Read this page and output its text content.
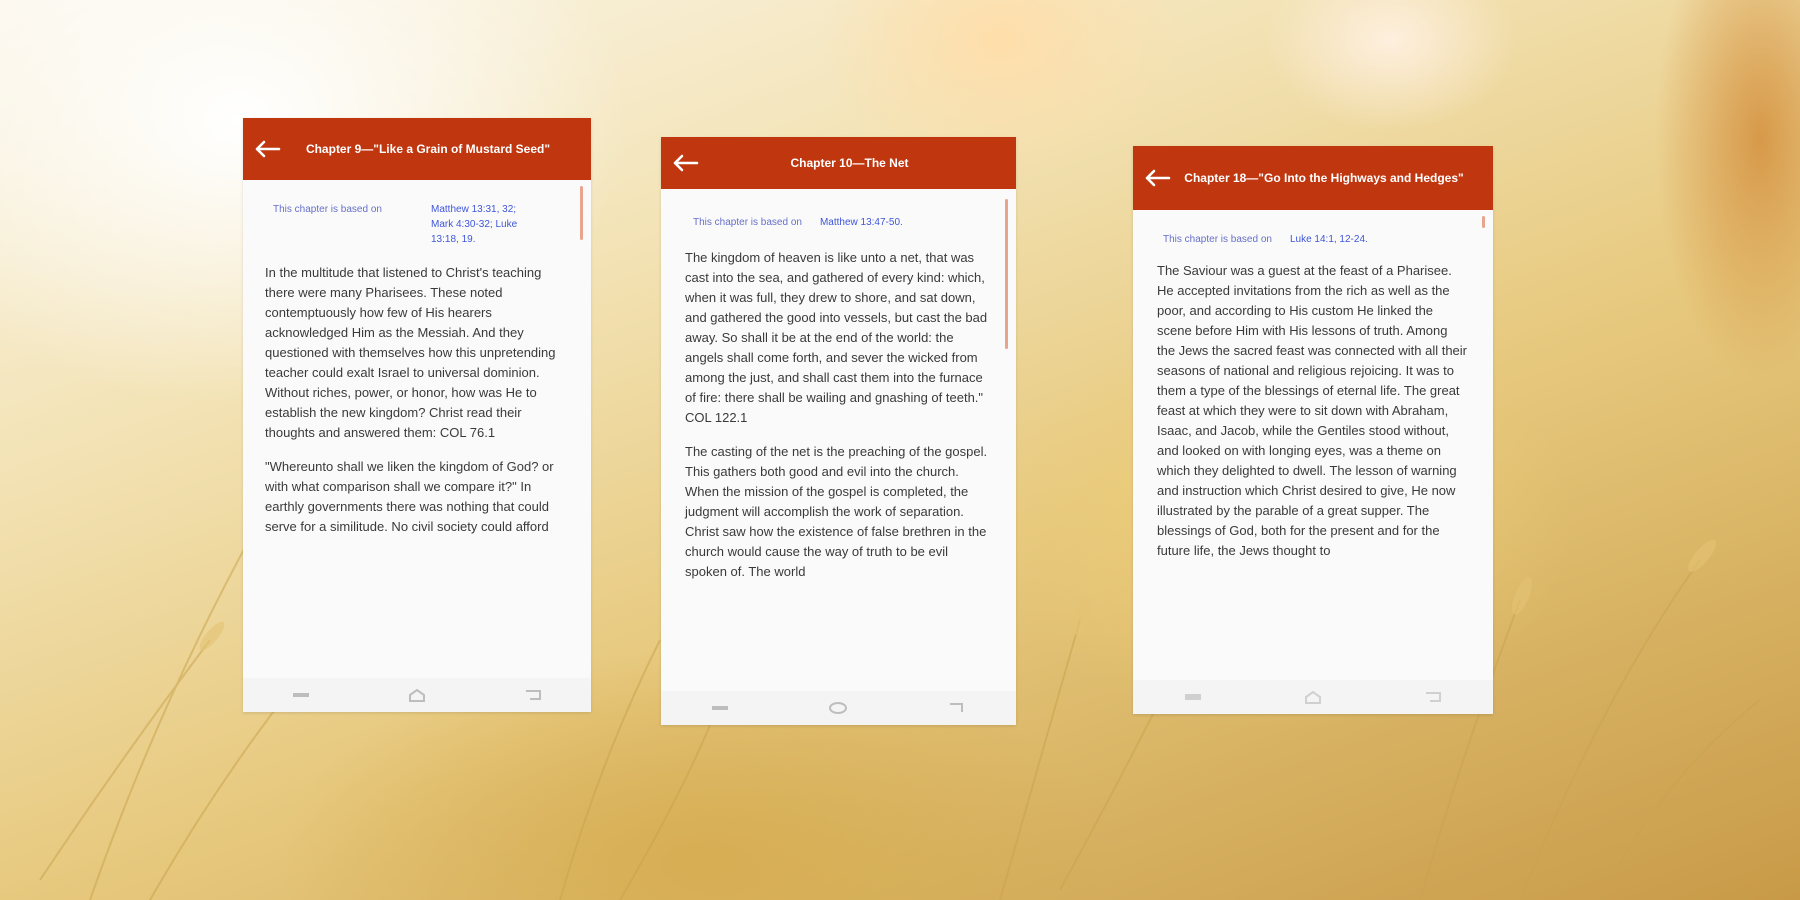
Chapter 9—"Like a Grain of Mustard Seed"
This chapter is based on	Matthew 13:31, 32; Mark 4:30-32; Luke 13:18, 19.

In the multitude that listened to Christ's teaching there were many Pharisees. These noted contemptuously how few of His hearers acknowledged Him as the Messiah. And they questioned with themselves how this unpretending teacher could exalt Israel to universal dominion. Without riches, power, or honor, how was He to establish the new kingdom? Christ read their thoughts and answered them: COL 76.1

"Whereunto shall we liken the kingdom of God? or with what comparison shall we compare it?" In earthly governments there was nothing that could serve for a similitude. No civil society could afford

Chapter 10—The Net
This chapter is based on Matthew 13:47-50.

The kingdom of heaven is like unto a net, that was cast into the sea, and gathered of every kind: which, when it was full, they drew to shore, and sat down, and gathered the good into vessels, but cast the bad away. So shall it be at the end of the world: the angels shall come forth, and sever the wicked from among the just, and shall cast them into the furnace of fire: there shall be wailing and gnashing of teeth." COL 122.1

The casting of the net is the preaching of the gospel. This gathers both good and evil into the church. When the mission of the gospel is completed, the judgment will accomplish the work of separation. Christ saw how the existence of false brethren in the church would cause the way of truth to be evil spoken of. The world

Chapter 18—"Go Into the Highways and Hedges"
This chapter is based on Luke 14:1, 12-24.

The Saviour was a guest at the feast of a Pharisee. He accepted invitations from the rich as well as the poor, and according to His custom He linked the scene before Him with His lessons of truth. Among the Jews the sacred feast was connected with all their seasons of national and religious rejoicing. It was to them a type of the blessings of eternal life. The great feast at which they were to sit down with Abraham, Isaac, and Jacob, while the Gentiles stood without, and looked on with longing eyes, was a theme on which they delighted to dwell. The lesson of warning and instruction which Christ desired to give, He now illustrated by the parable of a great supper. The blessings of God, both for the present and for the future life, the Jews thought to
